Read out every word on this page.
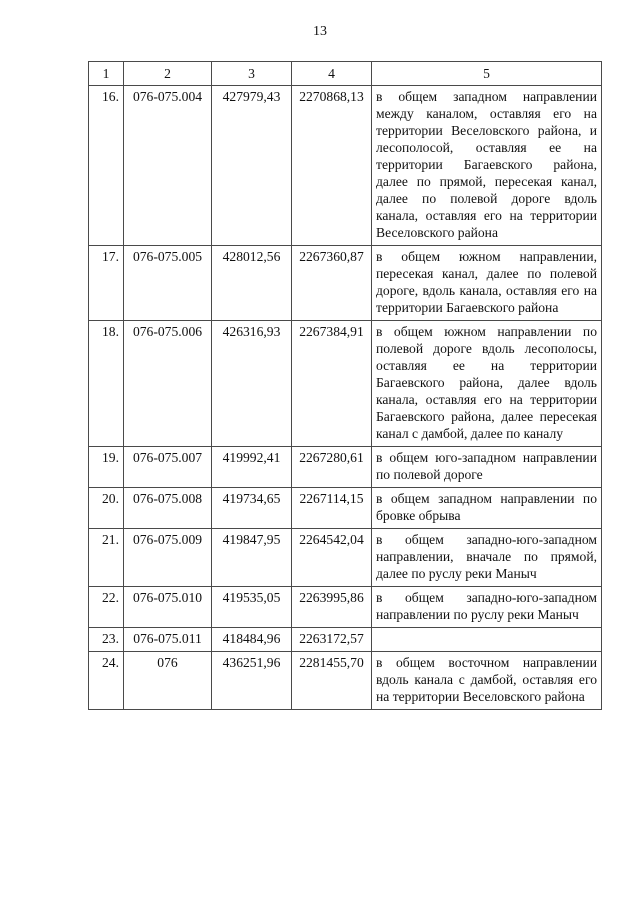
13
1	2	3	4	5
16.	076-075.004	427979,43	2270868,13	в общем западном направлении между каналом, оставляя его на территории Веселовского района, и лесополосой, оставляя ее на территории Багаевского района, далее по прямой, пересекая канал, далее по полевой дороге вдоль канала, оставляя его на территории Веселовского района
17.	076-075.005	428012,56	2267360,87	в общем южном направлении, пересекая канал, далее по полевой дороге, вдоль канала, оставляя его на территории Багаевского района
18.	076-075.006	426316,93	2267384,91	в общем южном направлении по полевой дороге вдоль лесополосы, оставляя ее на территории Багаевского района, далее вдоль канала, оставляя его на территории Багаевского района, далее пересекая канал с дамбой, далее по каналу
19.	076-075.007	419992,41	2267280,61	в общем юго-западном направлении по полевой дороге
20.	076-075.008	419734,65	2267114,15	в общем западном направлении по бровке обрыва
21.	076-075.009	419847,95	2264542,04	в общем западно-юго-западном направлении, вначале по прямой, далее по руслу реки Маныч
22.	076-075.010	419535,05	2263995,86	в общем западно-юго-западном направлении по руслу реки Маныч
23.	076-075.011	418484,96	2263172,57	
24.	076	436251,96	2281455,70	в общем восточном направлении вдоль канала с дамбой, оставляя его на территории Веселовского района
